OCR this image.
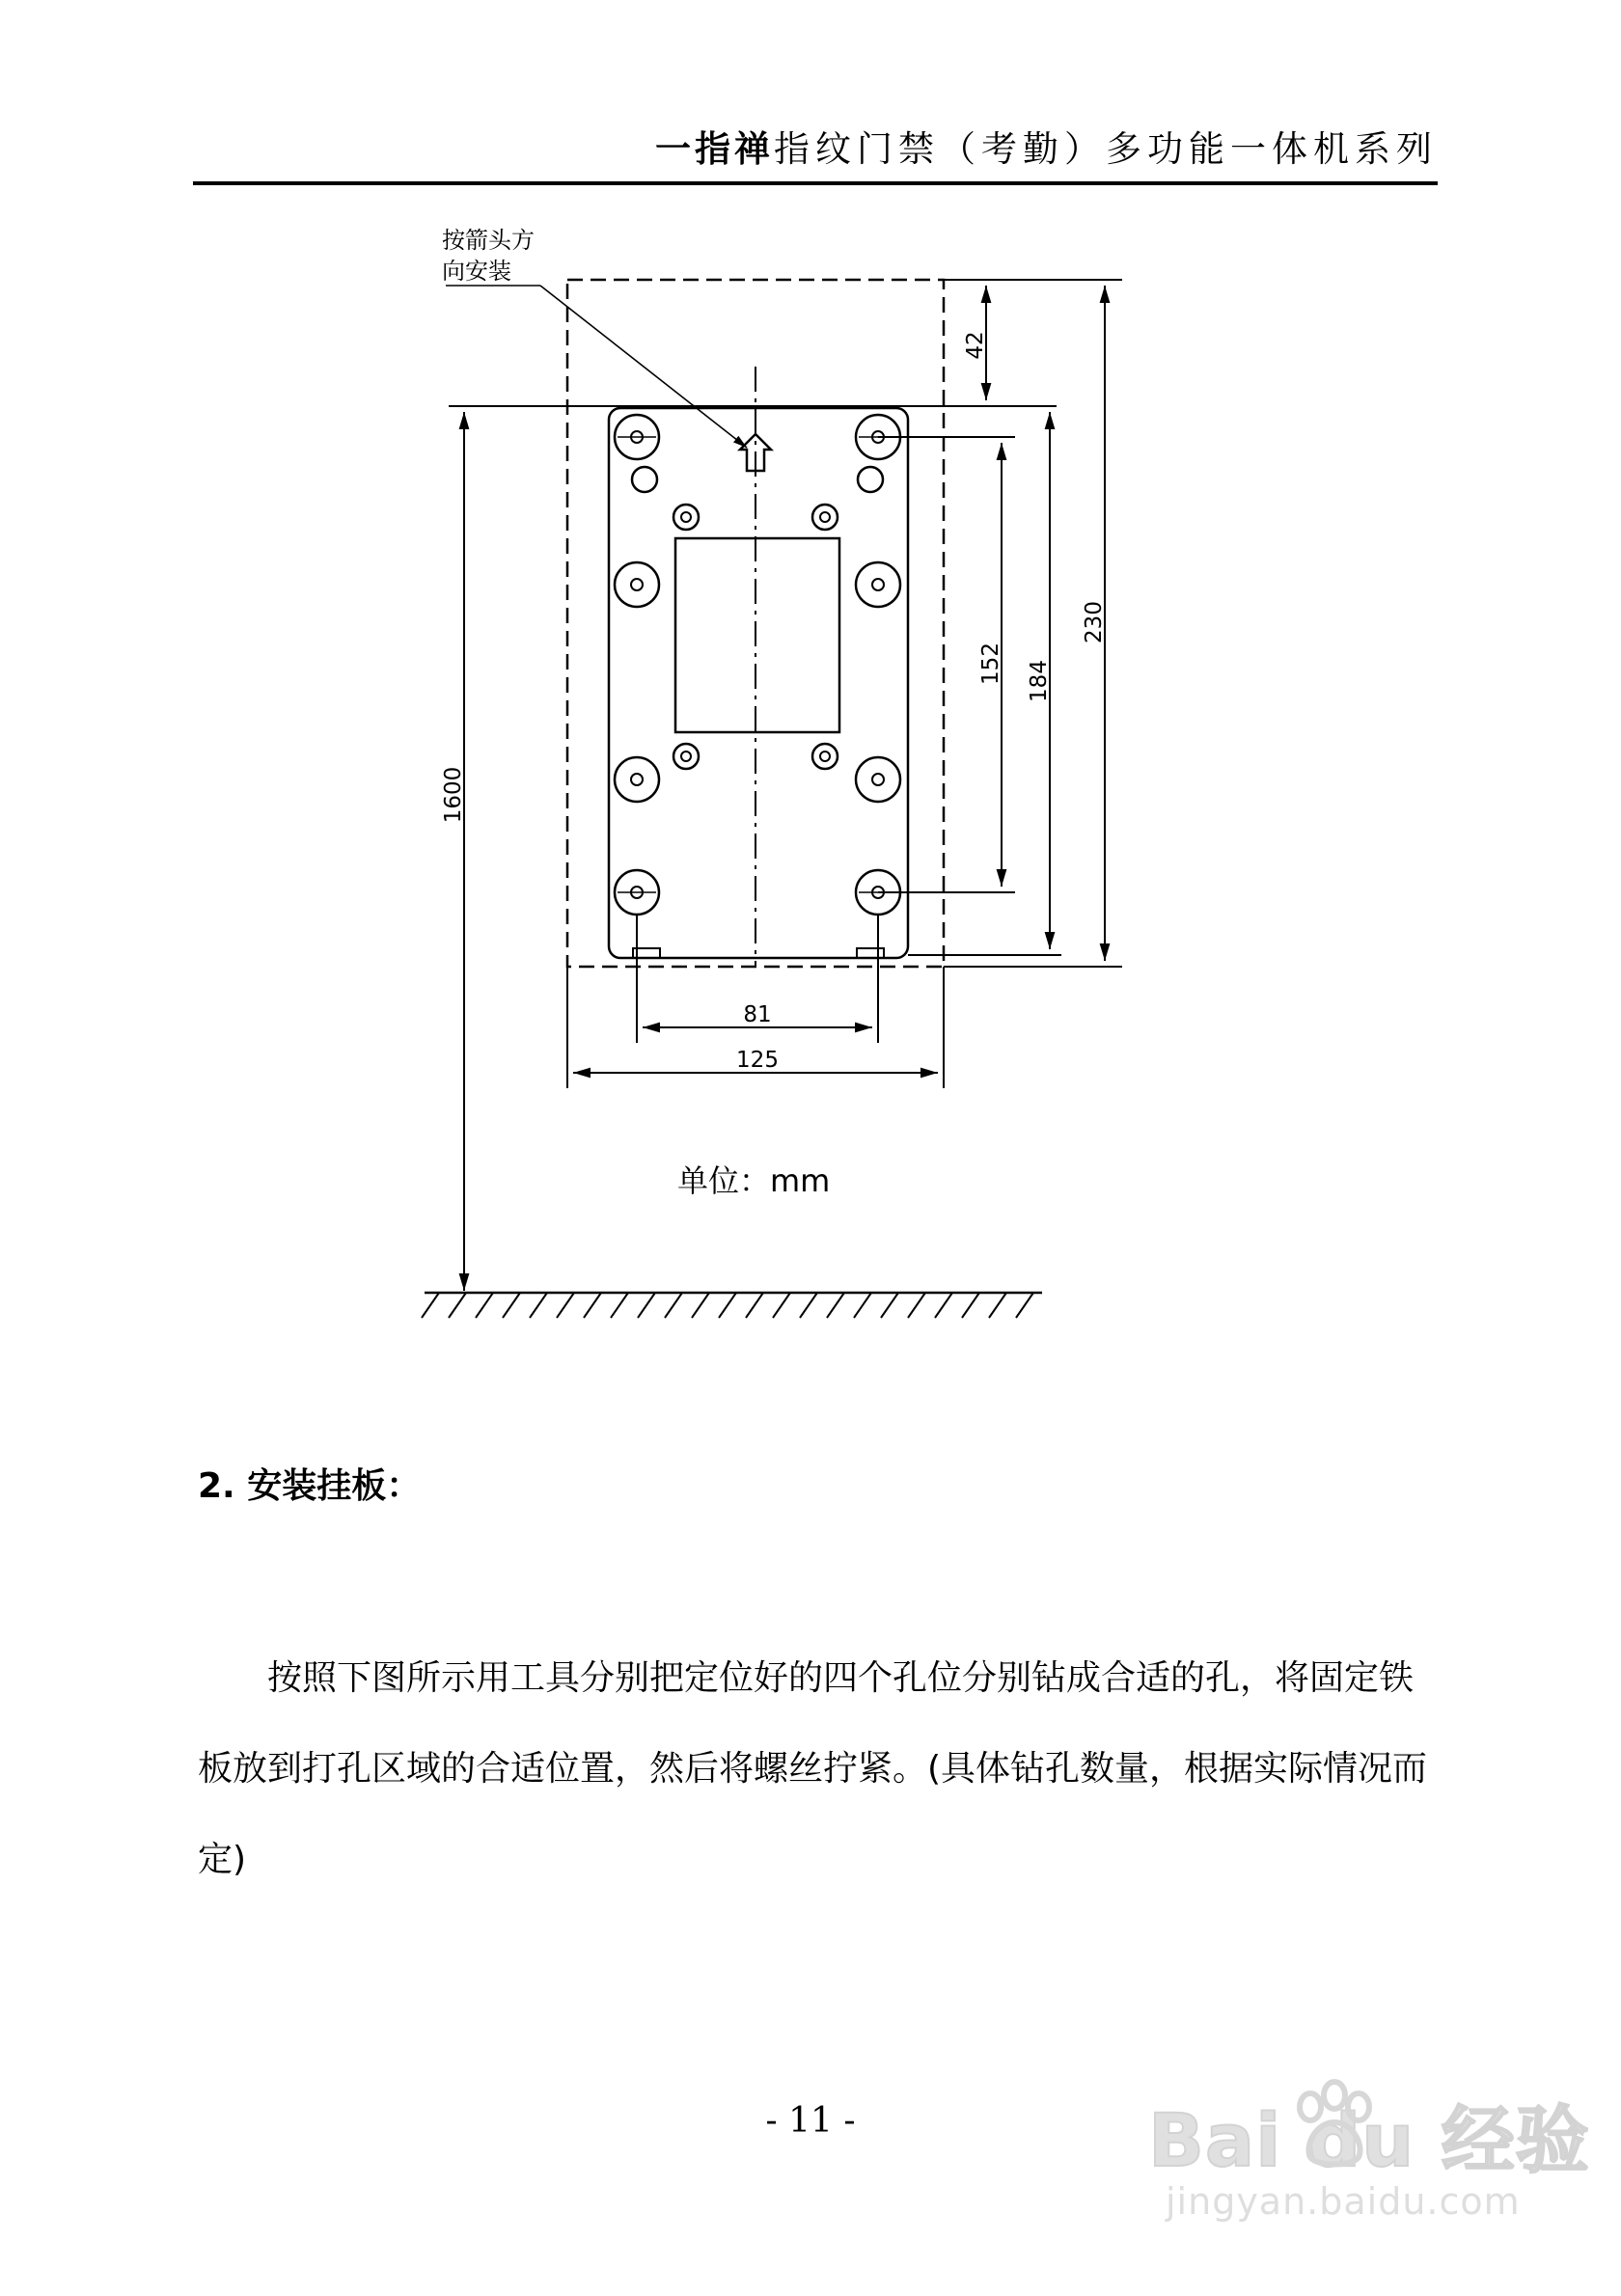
一指禅指纹门禁（考勤）多功能一体机系列
按箭头方
向安装
42
230
184
152
1600
81
125
单位：mm
2. 安装挂板：

按照下图所示用工具分别把定位好的四个孔位分别钻成合适的孔，将固定铁板放到打孔区域的合适位置，然后将螺丝拧紧。(具体钻孔数量，根据实际情况而定)

- 11 -	Bai du 经验
jingyan.baidu.com
